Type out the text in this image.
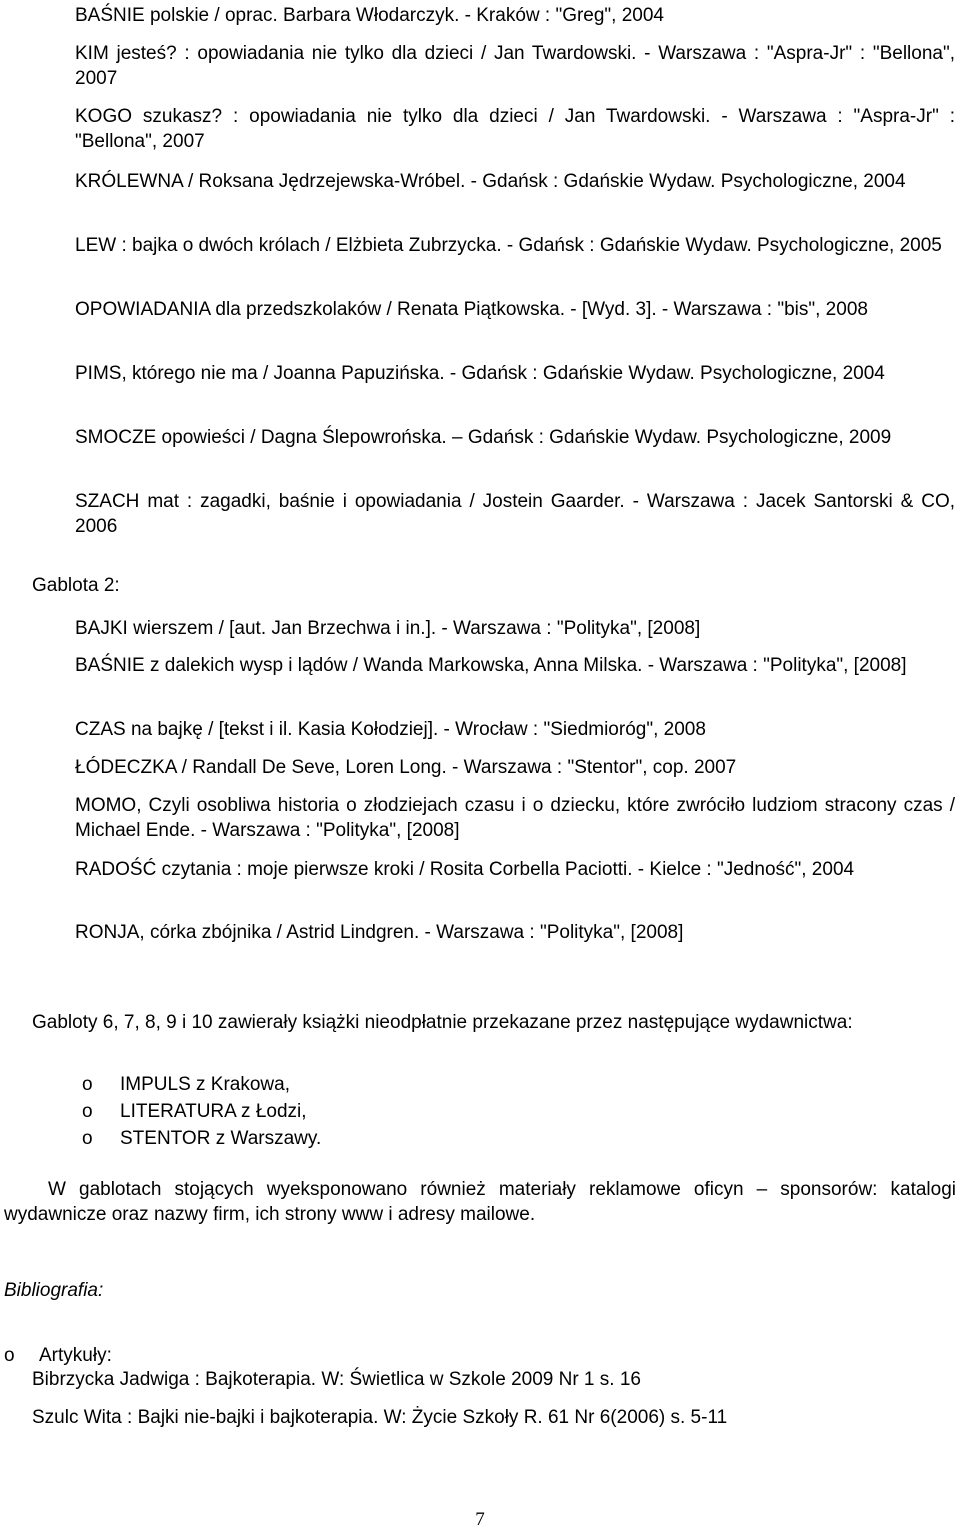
BAŚNIE polskie / oprac. Barbara Włodarczyk. - Kraków : "Greg", 2004

KIM jesteś? : opowiadania nie tylko dla dzieci / Jan Twardowski. - Warszawa : "Aspra-Jr" : "Bellona", 2007

KOGO szukasz? : opowiadania nie tylko dla dzieci / Jan Twardowski. - Warszawa : "Aspra-Jr" : "Bellona", 2007

KRÓLEWNA / Roksana Jędrzejewska-Wróbel. - Gdańsk : Gdańskie Wydaw. Psychologiczne, 2004

LEW : bajka o dwóch królach / Elżbieta Zubrzycka. - Gdańsk : Gdańskie Wydaw. Psychologiczne, 2005

OPOWIADANIA dla przedszkolaków / Renata Piątkowska. - [Wyd. 3]. - Warszawa : "bis", 2008

PIMS, którego nie ma / Joanna Papuzińska. - Gdańsk : Gdańskie Wydaw. Psychologiczne, 2004

SMOCZE opowieści / Dagna Ślepowrońska. – Gdańsk : Gdańskie Wydaw. Psychologiczne, 2009

SZACH mat : zagadki, baśnie i opowiadania / Jostein Gaarder. - Warszawa : Jacek Santorski & CO, 2006

Gablota 2:

BAJKI wierszem / [aut. Jan Brzechwa i in.]. - Warszawa : "Polityka", [2008]

BAŚNIE z dalekich wysp i lądów / Wanda Markowska, Anna Milska. - Warszawa : "Polityka", [2008]

CZAS na bajkę / [tekst i il. Kasia Kołodziej]. - Wrocław : "Siedmioróg", 2008

ŁÓDECZKA / Randall De Seve, Loren Long. - Warszawa : "Stentor", cop. 2007

MOMO, Czyli osobliwa historia o złodziejach czasu i o dziecku, które zwróciło ludziom stracony czas / Michael Ende. - Warszawa : "Polityka", [2008]

RADOŚĆ czytania : moje pierwsze kroki / Rosita Corbella Paciotti. - Kielce : "Jedność", 2004

RONJA, córka zbójnika / Astrid Lindgren. - Warszawa : "Polityka", [2008]

Gabloty 6, 7, 8, 9 i 10 zawierały książki nieodpłatnie przekazane przez następujące wydawnictwa:

o IMPULS z Krakowa,
o LITERATURA z Łodzi,
o STENTOR z Warszawy.

W gablotach stojących wyeksponowano również materiały reklamowe oficyn – sponsorów: katalogi wydawnicze oraz nazwy firm, ich strony www i adresy mailowe.

Bibliografia:
o Artykuły:

Bibrzycka Jadwiga : Bajkoterapia. W: Świetlica w Szkole 2009 Nr 1 s. 16

Szulc Wita : Bajki nie-bajki i bajkoterapia. W: Życie Szkoły R. 61 Nr 6(2006) s. 5-11

7
